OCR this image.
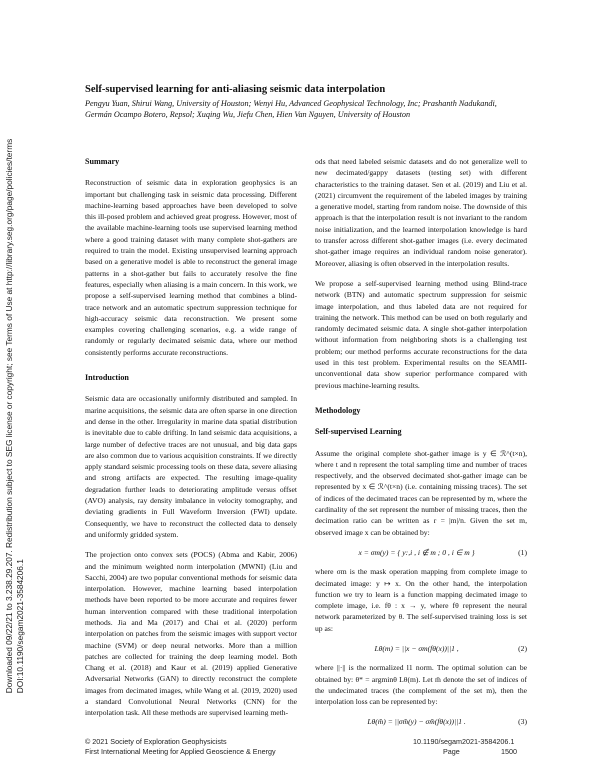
Downloaded 09/22/21 to 3.238.29.207. Redistribution subject to SEG license or copyright; see Terms of Use at http://library.seg.org/page/policies/terms DOI:10.1190/segam2021-3584206.1
Self-supervised learning for anti-aliasing seismic data interpolation
Pengyu Yuan, Shirui Wang, University of Houston; Wenyi Hu, Advanced Geophysical Technology, Inc; Prashanth Nadukandi, Germán Ocampo Botero, Repsol; Xuqing Wu, Jiefu Chen, Hien Van Nguyen, University of Houston
Summary

Reconstruction of seismic data in exploration geophysics is an important but challenging task in seismic data processing. Different machine-learning based approaches have been developed to solve this ill-posed problem and achieved great progress. However, most of the available machine-learning tools use supervised learning method where a good training dataset with many complete shot-gathers are required to train the model. Existing unsupervised learning approach based on a generative model is able to reconstruct the general image patterns in a shot-gather but fails to accurately resolve the fine features, especially when aliasing is a main concern. In this work, we propose a self-supervised learning method that combines a blind-trace network and an automatic spectrum suppression technique for high-accuracy seismic data reconstruction. We present some examples covering challenging scenarios, e.g. a wide range of randomly or regularly decimated seismic data, where our method consistently performs accurate reconstructions.

Introduction

Seismic data are occasionally uniformly distributed and sampled. In marine acquisitions, the seismic data are often sparse in one direction and dense in the other. Irregularity in marine data spatial distribution is inevitable due to cable drifting. In land seismic data acquisitions, a large number of defective traces are not unusual, and big data gaps are also common due to various acquisition constraints. If we directly apply standard seismic processing tools on these data, severe aliasing and strong artifacts are expected. The resulting image-quality degradation further leads to deteriorating amplitude versus offset (AVO) analysis, ray density imbalance in velocity tomography, and deviating gradients in Full Waveform Inversion (FWI) update. Consequently, we have to reconstruct the collected data to densely and uniformly gridded system.

The projection onto convex sets (POCS) (Abma and Kabir, 2006) and the minimum weighted norm interpolation (MWNI) (Liu and Sacchi, 2004) are two popular conventional methods for seismic data interpolation. However, machine learning based interpolation methods have been reported to be more accurate and requires fewer human intervention compared with these traditional interpolation methods. Jia and Ma (2017) and Chai et al. (2020) perform interpolation on patches from the seismic images with support vector machine (SVM) or deep neural networks. More than a million patches are collected for training the deep learning model. Both Chang et al. (2018) and Kaur et al. (2019) applied Generative Adversarial Networks (GAN) to directly reconstruct the complete images from decimated images, while Wang et al. (2019, 2020) used a standard Convolutional Neural Networks (CNN) for the interpolation task. All these methods are supervised learning meth-

ods that need labeled seismic datasets and do not generalize well to new decimated/gappy datasets (testing set) with different characteristics to the training dataset. Sen et al. (2019) and Liu et al. (2021) circumvent the requirement of the labeled images by training a generative model, starting from random noise. The downside of this approach is that the interpolation result is not invariant to the random noise initialization, and the learned interpolation knowledge is hard to transfer across different shot-gather images (i.e. every decimated shot-gather image requires an individual random noise generator). Moreover, aliasing is often observed in the interpolation results.

We propose a self-supervised learning method using Blind-trace network (BTN) and automatic spectrum suppression for seismic image interpolation, and thus labeled data are not required for training the network. This method can be used on both regularly and randomly decimated seismic data. A single shot-gather interpolation without information from neighboring shots is a challenging test problem; our method performs accurate reconstructions for the data used in this test problem. Experimental results on the SEAMII-unconventional data show superior performance compared with previous machine-learning results.

Methodology
Self-supervised Learning

Assume the original complete shot-gather image is y ∈ ℛ^(t×n), where t and n represent the total sampling time and number of traces respectively, and the observed decimated shot-gather image can be represented by x ∈ ℛ^(t×n) (i.e. containing missing traces). The set of indices of the decimated traces can be represented by m, where the cardinality of the set represent the number of missing traces, then the decimation ratio can be written as r = |m|/n. Given the set m, observed image x can be obtained by:

x = σm(y) = { y:,i , i ∉ m ; 0 , i ∈ m }	(1)

where σm is the mask operation mapping from complete image to decimated image: y ↦ x. On the other hand, the interpolation function we try to learn is a function mapping decimated image to complete image, i.e. fθ : x → y, where fθ represent the neural network parameterized by θ. The self-supervised training loss is set up as:

Lθ(m) = ||x − σm(fθ(x))||1 ,	(2)

where ||·|| is the normalized l1 norm. The optimal solution can be obtained by: θ* = argminθ Lθ(m). Let m̄ denote the set of indices of the undecimated traces (the complement of the set m), then the interpolation loss can be represented by:

Lθ(m̄) = ||σm̄(y) − σm̄(fθ(x))||1 .	(3)
© 2021 Society of Exploration Geophysicists
First International Meeting for Applied Geoscience & Energy
10.1190/segam2021-3584206.1
Page	1500
